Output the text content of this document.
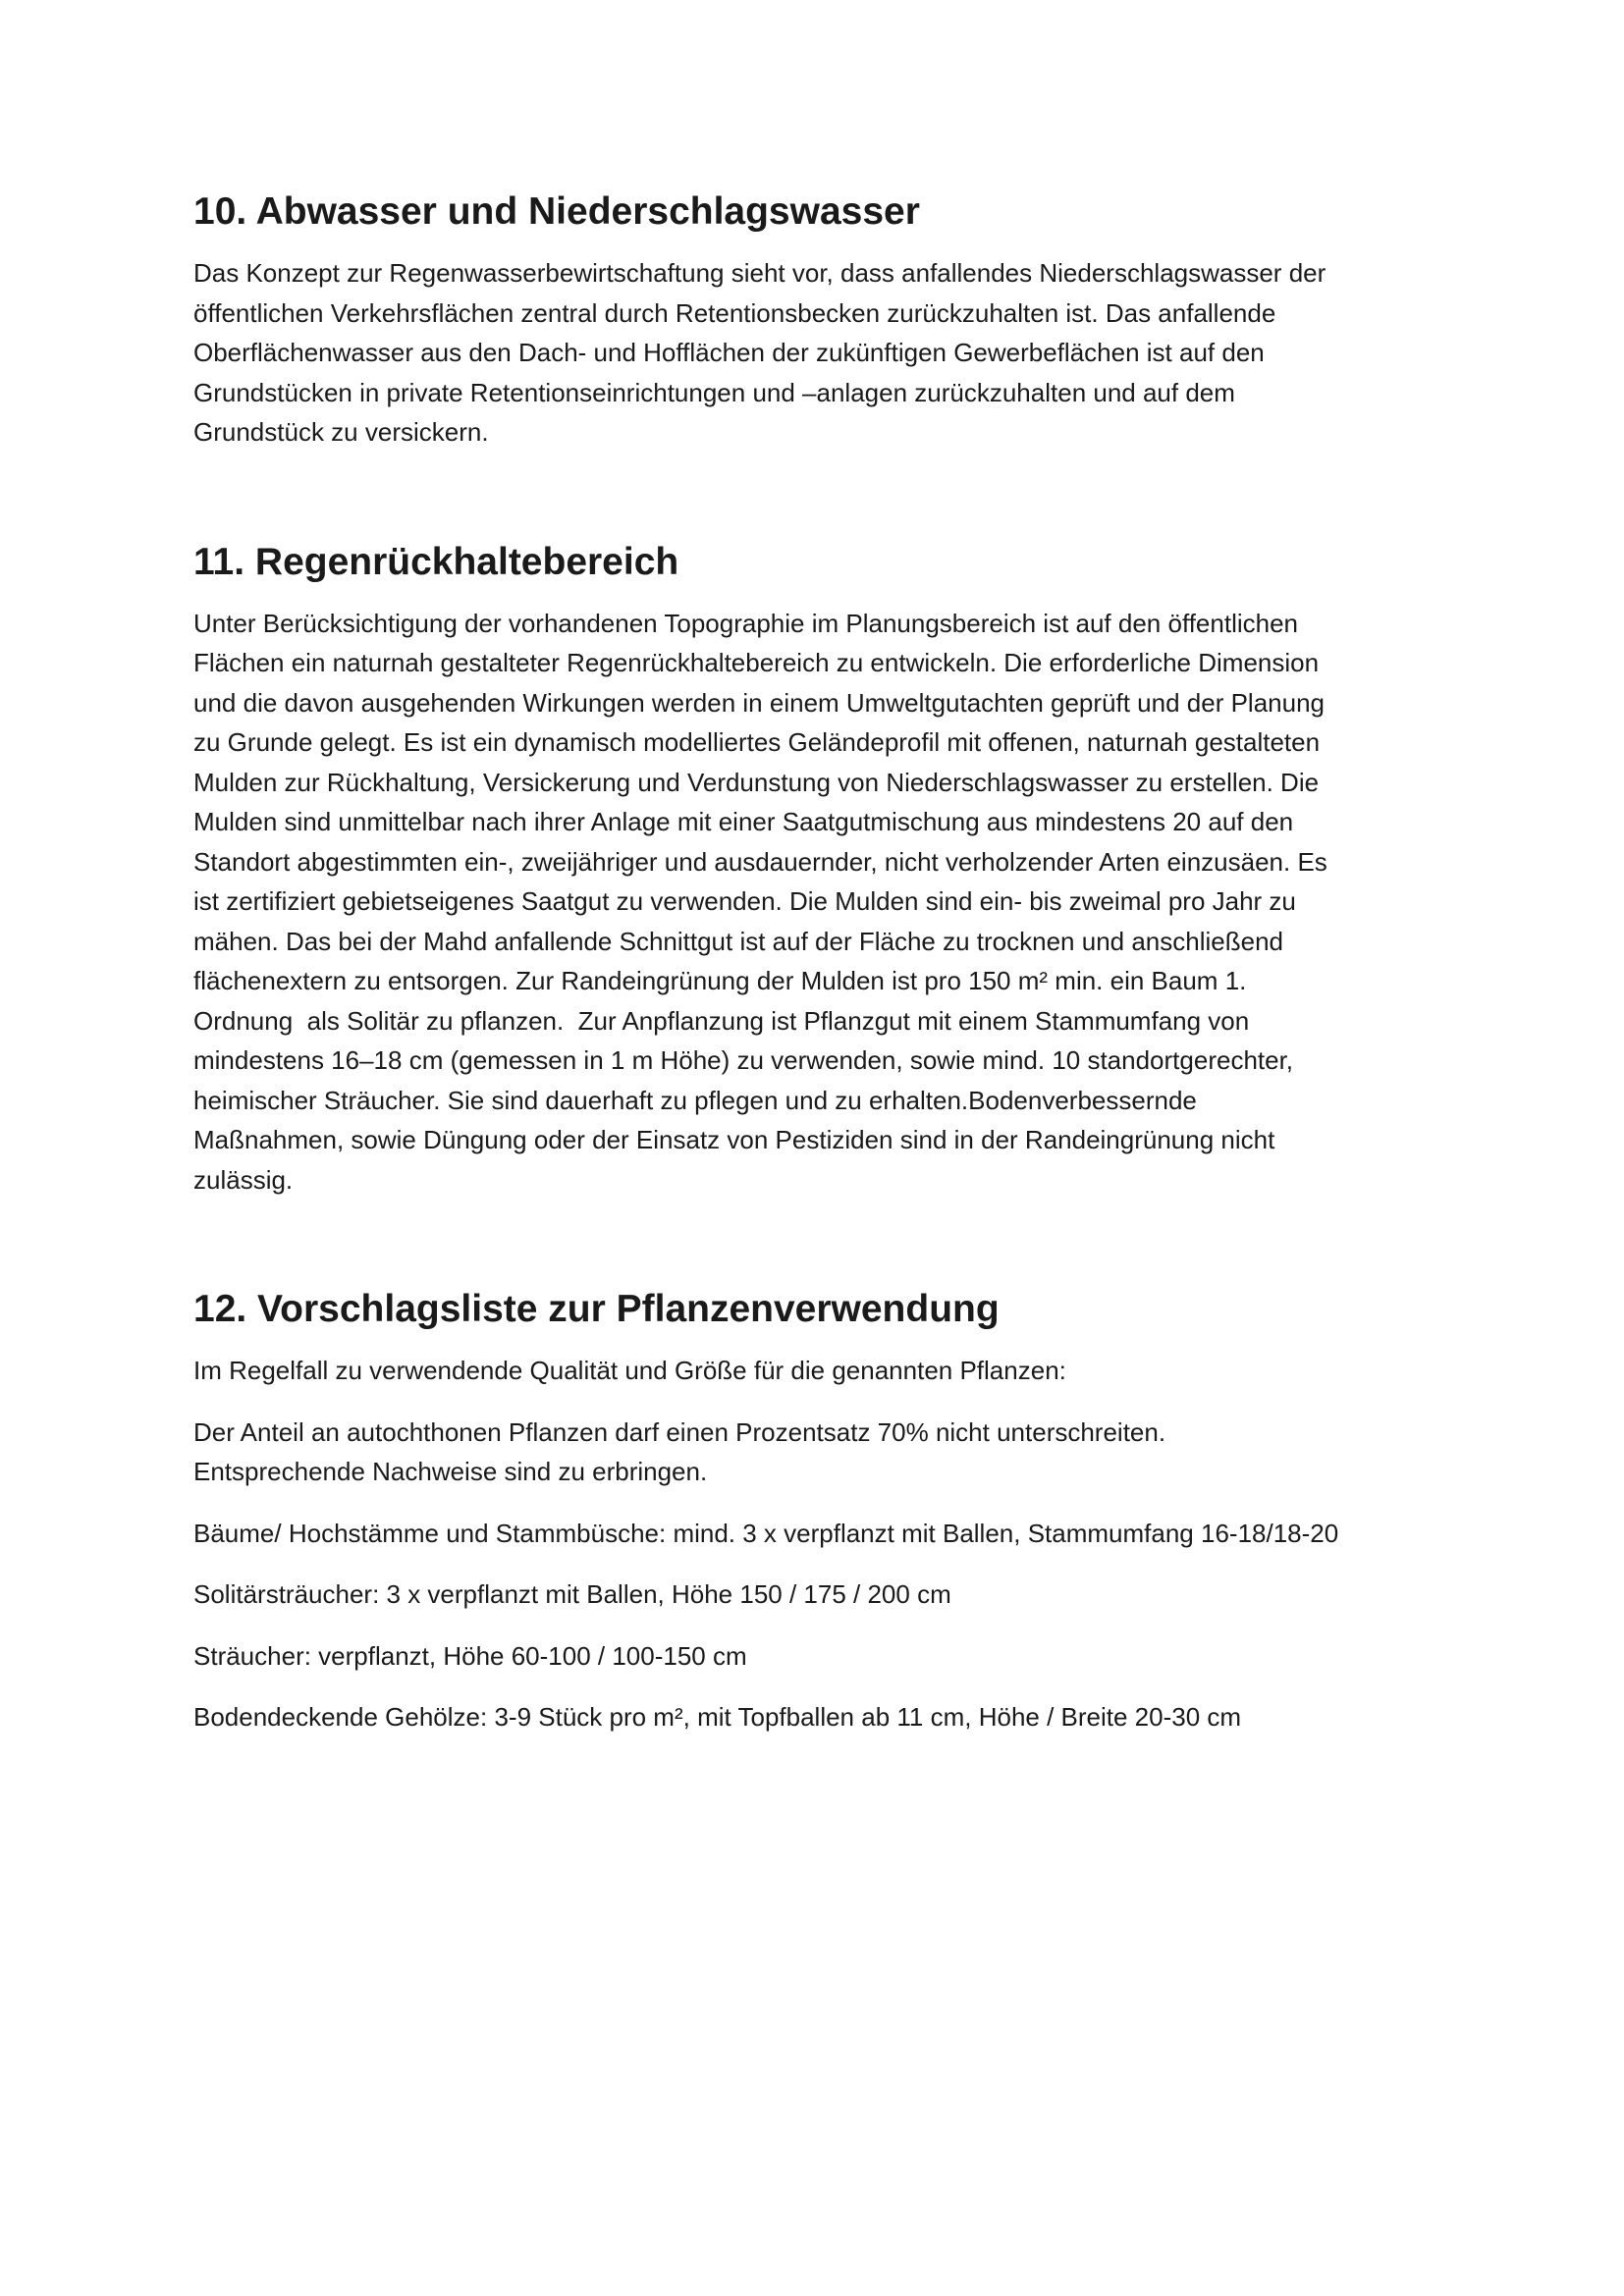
10. Abwasser und Niederschlagswasser

Das Konzept zur Regenwasserbewirtschaftung sieht vor, dass anfallendes Niederschlagswasser der
öffentlichen Verkehrsflächen zentral durch Retentionsbecken zurückzuhalten ist. Das anfallende
Oberflächenwasser aus den Dach- und Hofflächen der zukünftigen Gewerbeflächen ist auf den
Grundstücken in private Retentionseinrichtungen und –anlagen zurückzuhalten und auf dem
Grundstück zu versickern.

11. Regenrückhaltebereich

Unter Berücksichtigung der vorhandenen Topographie im Planungsbereich ist auf den öffentlichen
Flächen ein naturnah gestalteter Regenrückhaltebereich zu entwickeln. Die erforderliche Dimension
und die davon ausgehenden Wirkungen werden in einem Umweltgutachten geprüft und der Planung
zu Grunde gelegt. Es ist ein dynamisch modelliertes Geländeprofil mit offenen, naturnah gestalteten
Mulden zur Rückhaltung, Versickerung und Verdunstung von Niederschlagswasser zu erstellen. Die
Mulden sind unmittelbar nach ihrer Anlage mit einer Saatgutmischung aus mindestens 20 auf den
Standort abgestimmten ein-, zweijähriger und ausdauernder, nicht verholzender Arten einzusäen. Es
ist zertifiziert gebietseigenes Saatgut zu verwenden. Die Mulden sind ein- bis zweimal pro Jahr zu
mähen. Das bei der Mahd anfallende Schnittgut ist auf der Fläche zu trocknen und anschließend
flächenextern zu entsorgen. Zur Randeingrünung der Mulden ist pro 150 m² min. ein Baum 1.
Ordnung  als Solitär zu pflanzen.  Zur Anpflanzung ist Pflanzgut mit einem Stammumfang von
mindestens 16–18 cm (gemessen in 1 m Höhe) zu verwenden, sowie mind. 10 standortgerechter,
heimischer Sträucher. Sie sind dauerhaft zu pflegen und zu erhalten.Bodenverbessernde
Maßnahmen, sowie Düngung oder der Einsatz von Pestiziden sind in der Randeingrünung nicht
zulässig.

12. Vorschlagsliste zur Pflanzenverwendung

Im Regelfall zu verwendende Qualität und Größe für die genannten Pflanzen:

Der Anteil an autochthonen Pflanzen darf einen Prozentsatz 70% nicht unterschreiten.
Entsprechende Nachweise sind zu erbringen.

Bäume/ Hochstämme und Stammbüsche: mind. 3 x verpflanzt mit Ballen, Stammumfang 16-18/18-20

Solitärsträucher: 3 x verpflanzt mit Ballen, Höhe 150 / 175 / 200 cm

Sträucher: verpflanzt, Höhe 60-100 / 100-150 cm

Bodendeckende Gehölze: 3-9 Stück pro m², mit Topfballen ab 11 cm, Höhe / Breite 20-30 cm
